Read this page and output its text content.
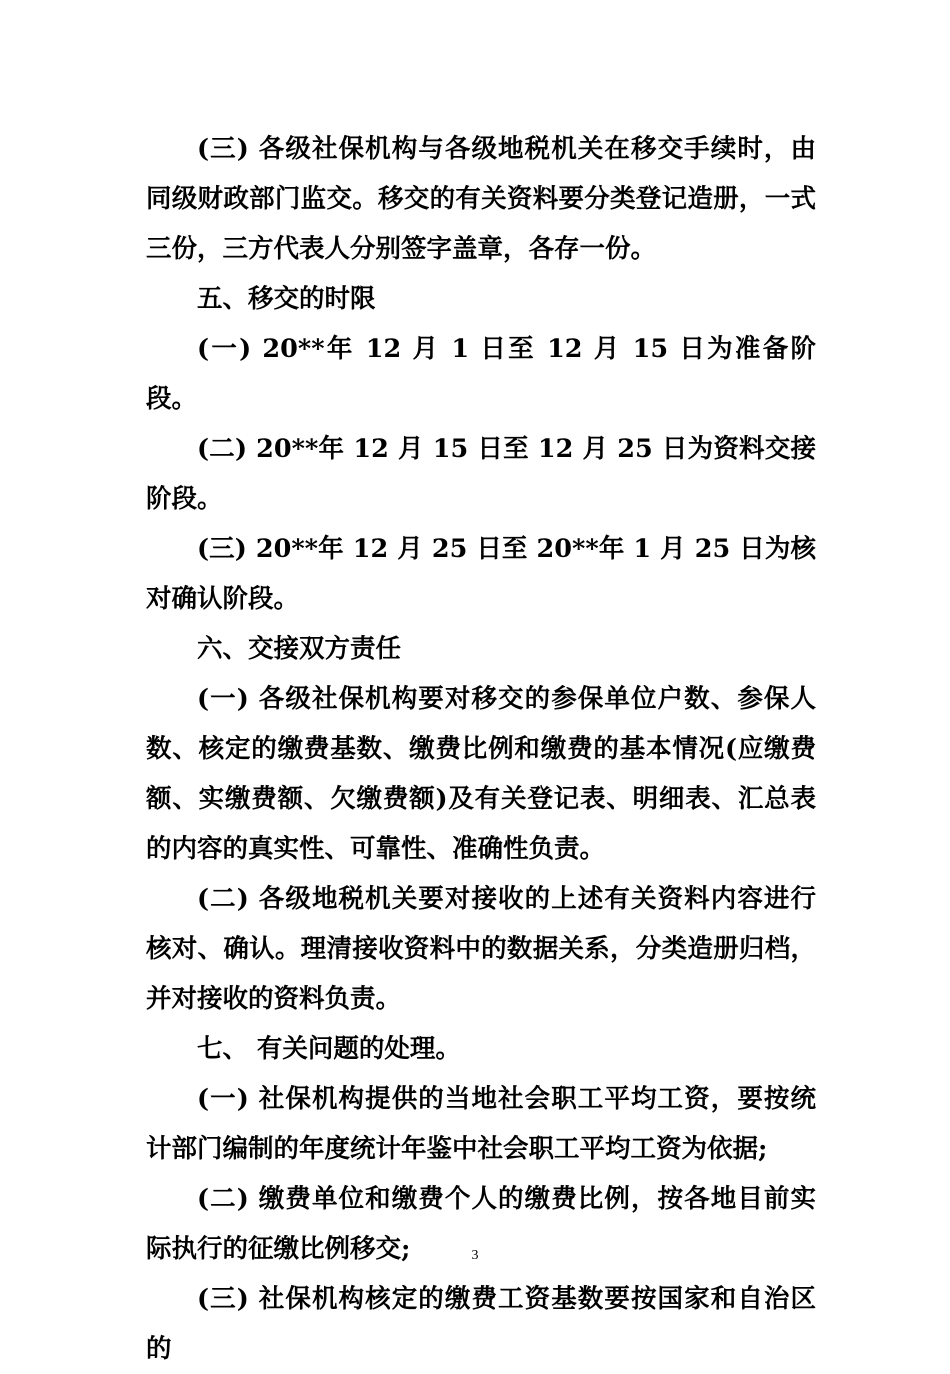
(三) 各级社保机构与各级地税机关在移交手续时，由同级财政部门监交。移交的有关资料要分类登记造册，一式三份，三方代表人分别签字盖章，各存一份。

五、移交的时限

(一) 20**年 12 月 1 日至 12 月 15 日为准备阶段。

(二) 20**年 12 月 15 日至 12 月 25 日为资料交接阶段。

(三) 20**年 12 月 25 日至 20**年 1 月 25 日为核对确认阶段。

六、交接双方责任

(一) 各级社保机构要对移交的参保单位户数、参保人数、核定的缴费基数、缴费比例和缴费的基本情况(应缴费额、实缴费额、欠缴费额)及有关登记表、明细表、汇总表的内容的真实性、可靠性、准确性负责。

(二) 各级地税机关要对接收的上述有关资料内容进行核对、确认。理清接收资料中的数据关系，分类造册归档，并对接收的资料负责。

七、 有关问题的处理。

(一) 社保机构提供的当地社会职工平均工资，要按统计部门编制的年度统计年鉴中社会职工平均工资为依据;

(二) 缴费单位和缴费个人的缴费比例，按各地目前实际执行的征缴比例移交;

(三) 社保机构核定的缴费工资基数要按国家和自治区的

3
